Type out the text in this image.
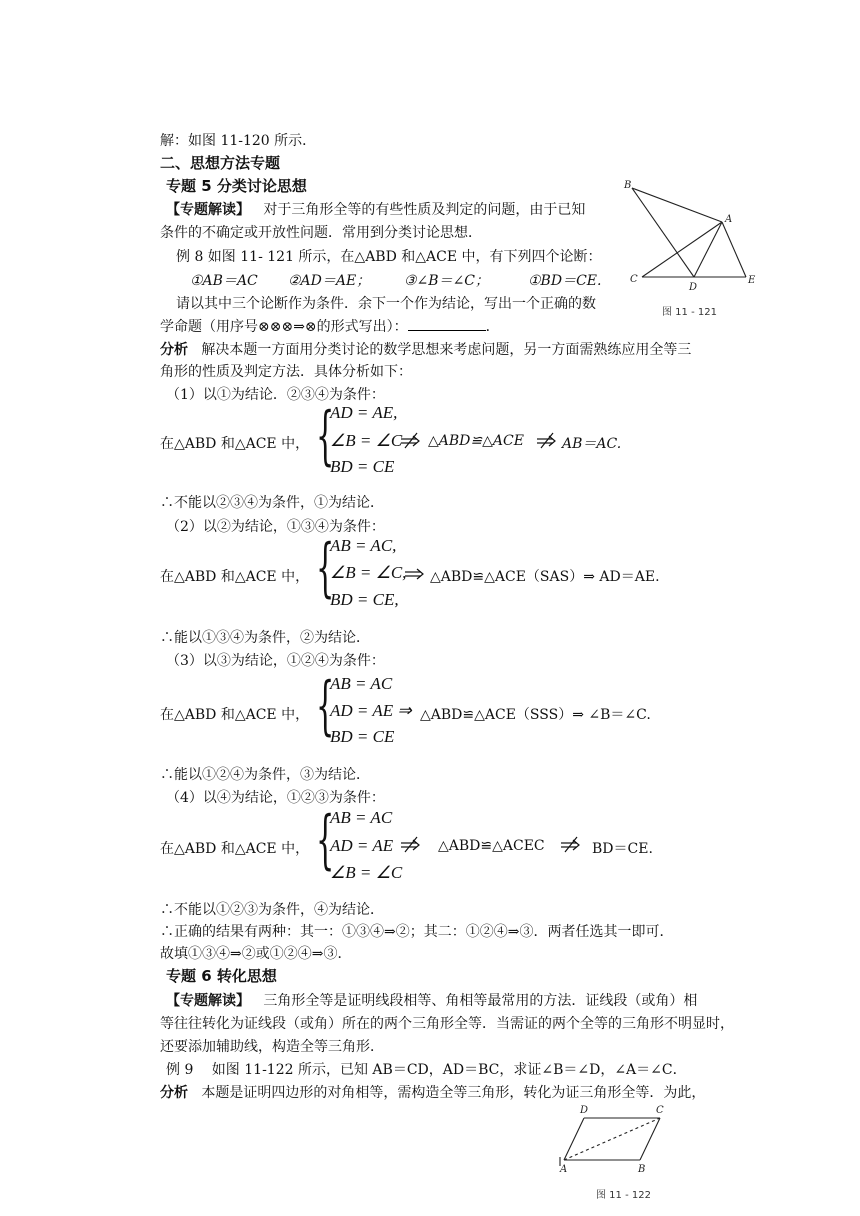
解：如图 11-120 所示．
二、思想方法专题
专题 5 分类讨论思想
【专题解读】 对于三角形全等的有些性质及判定的问题，由于已知
条件的不确定或开放性问题．常用到分类讨论思想．
例 8 如图 11- 121 所示，在△ABD 和△ACE 中，有下列四个论断：
①AB＝AC ②AD＝AE； ③∠B＝∠C；	①BD＝CE.
请以其中三个论断作为条件．余下一个作为结论，写出一个正确的数
学命题（用序号⊗⊗⊗⇒⊗的形式写出）：	．
B
A
C
D
E
图 11 - 121
分析 解决本题一方面用分类讨论的数学思想来考虑问题，另一方面需熟练应用全等三
角形的性质及判定方法．具体分析如下：
（1）以①为结论．②③④为条件：
在△ABD 和△ACE 中， {
AD = AE,
∠B = ∠C △ABD≌△ACE	AB＝AC.
BD = CE
∴不能以②③④为条件，①为结论．
（2）以②为结论，①③④为条件：
在△ABD 和△ACE 中， {
AB = AC,
∠B = ∠C, △ABD≌△ACE（SAS）⇒ AD＝AE.
BD = CE,
∴能以①③④为条件，②为结论．
（3）以③为结论，①②④为条件：
在△ABD 和△ACE 中， {
AB = AC
AD = AE ⇒ △ABD≌△ACE（SSS）⇒ ∠B＝∠C.
BD = CE
∴能以①②④为条件，③为结论．
（4）以④为结论，①②③为条件：
在△ABD 和△ACE 中， {
AB = AC
AD = AE	△ABD≌△ACEC	BD＝CE.
∠B = ∠C
∴不能以①②③为条件，④为结论．
∴正确的结果有两种：其一：①③④⇒②；其二：①②④⇒③．两者任选其一即可．
故填①③④⇒②或①②④⇒③．
专题 6 转化思想
【专题解读】 三角形全等是证明线段相等、角相等最常用的方法．证线段（或角）相
等往往转化为证线段（或角）所在的两个三角形全等．当需证的两个全等的三角形不明显时，
还要添加辅助线，构造全等三角形．
例 9　 如图 11-122 所示，已知 AB＝CD，AD＝BC，求证∠B＝∠D，∠A＝∠C．
分析 本题是证明四边形的对角相等，需构造全等三角形，转化为证三角形全等．为此，
D	C
A	B
图 11 - 122
